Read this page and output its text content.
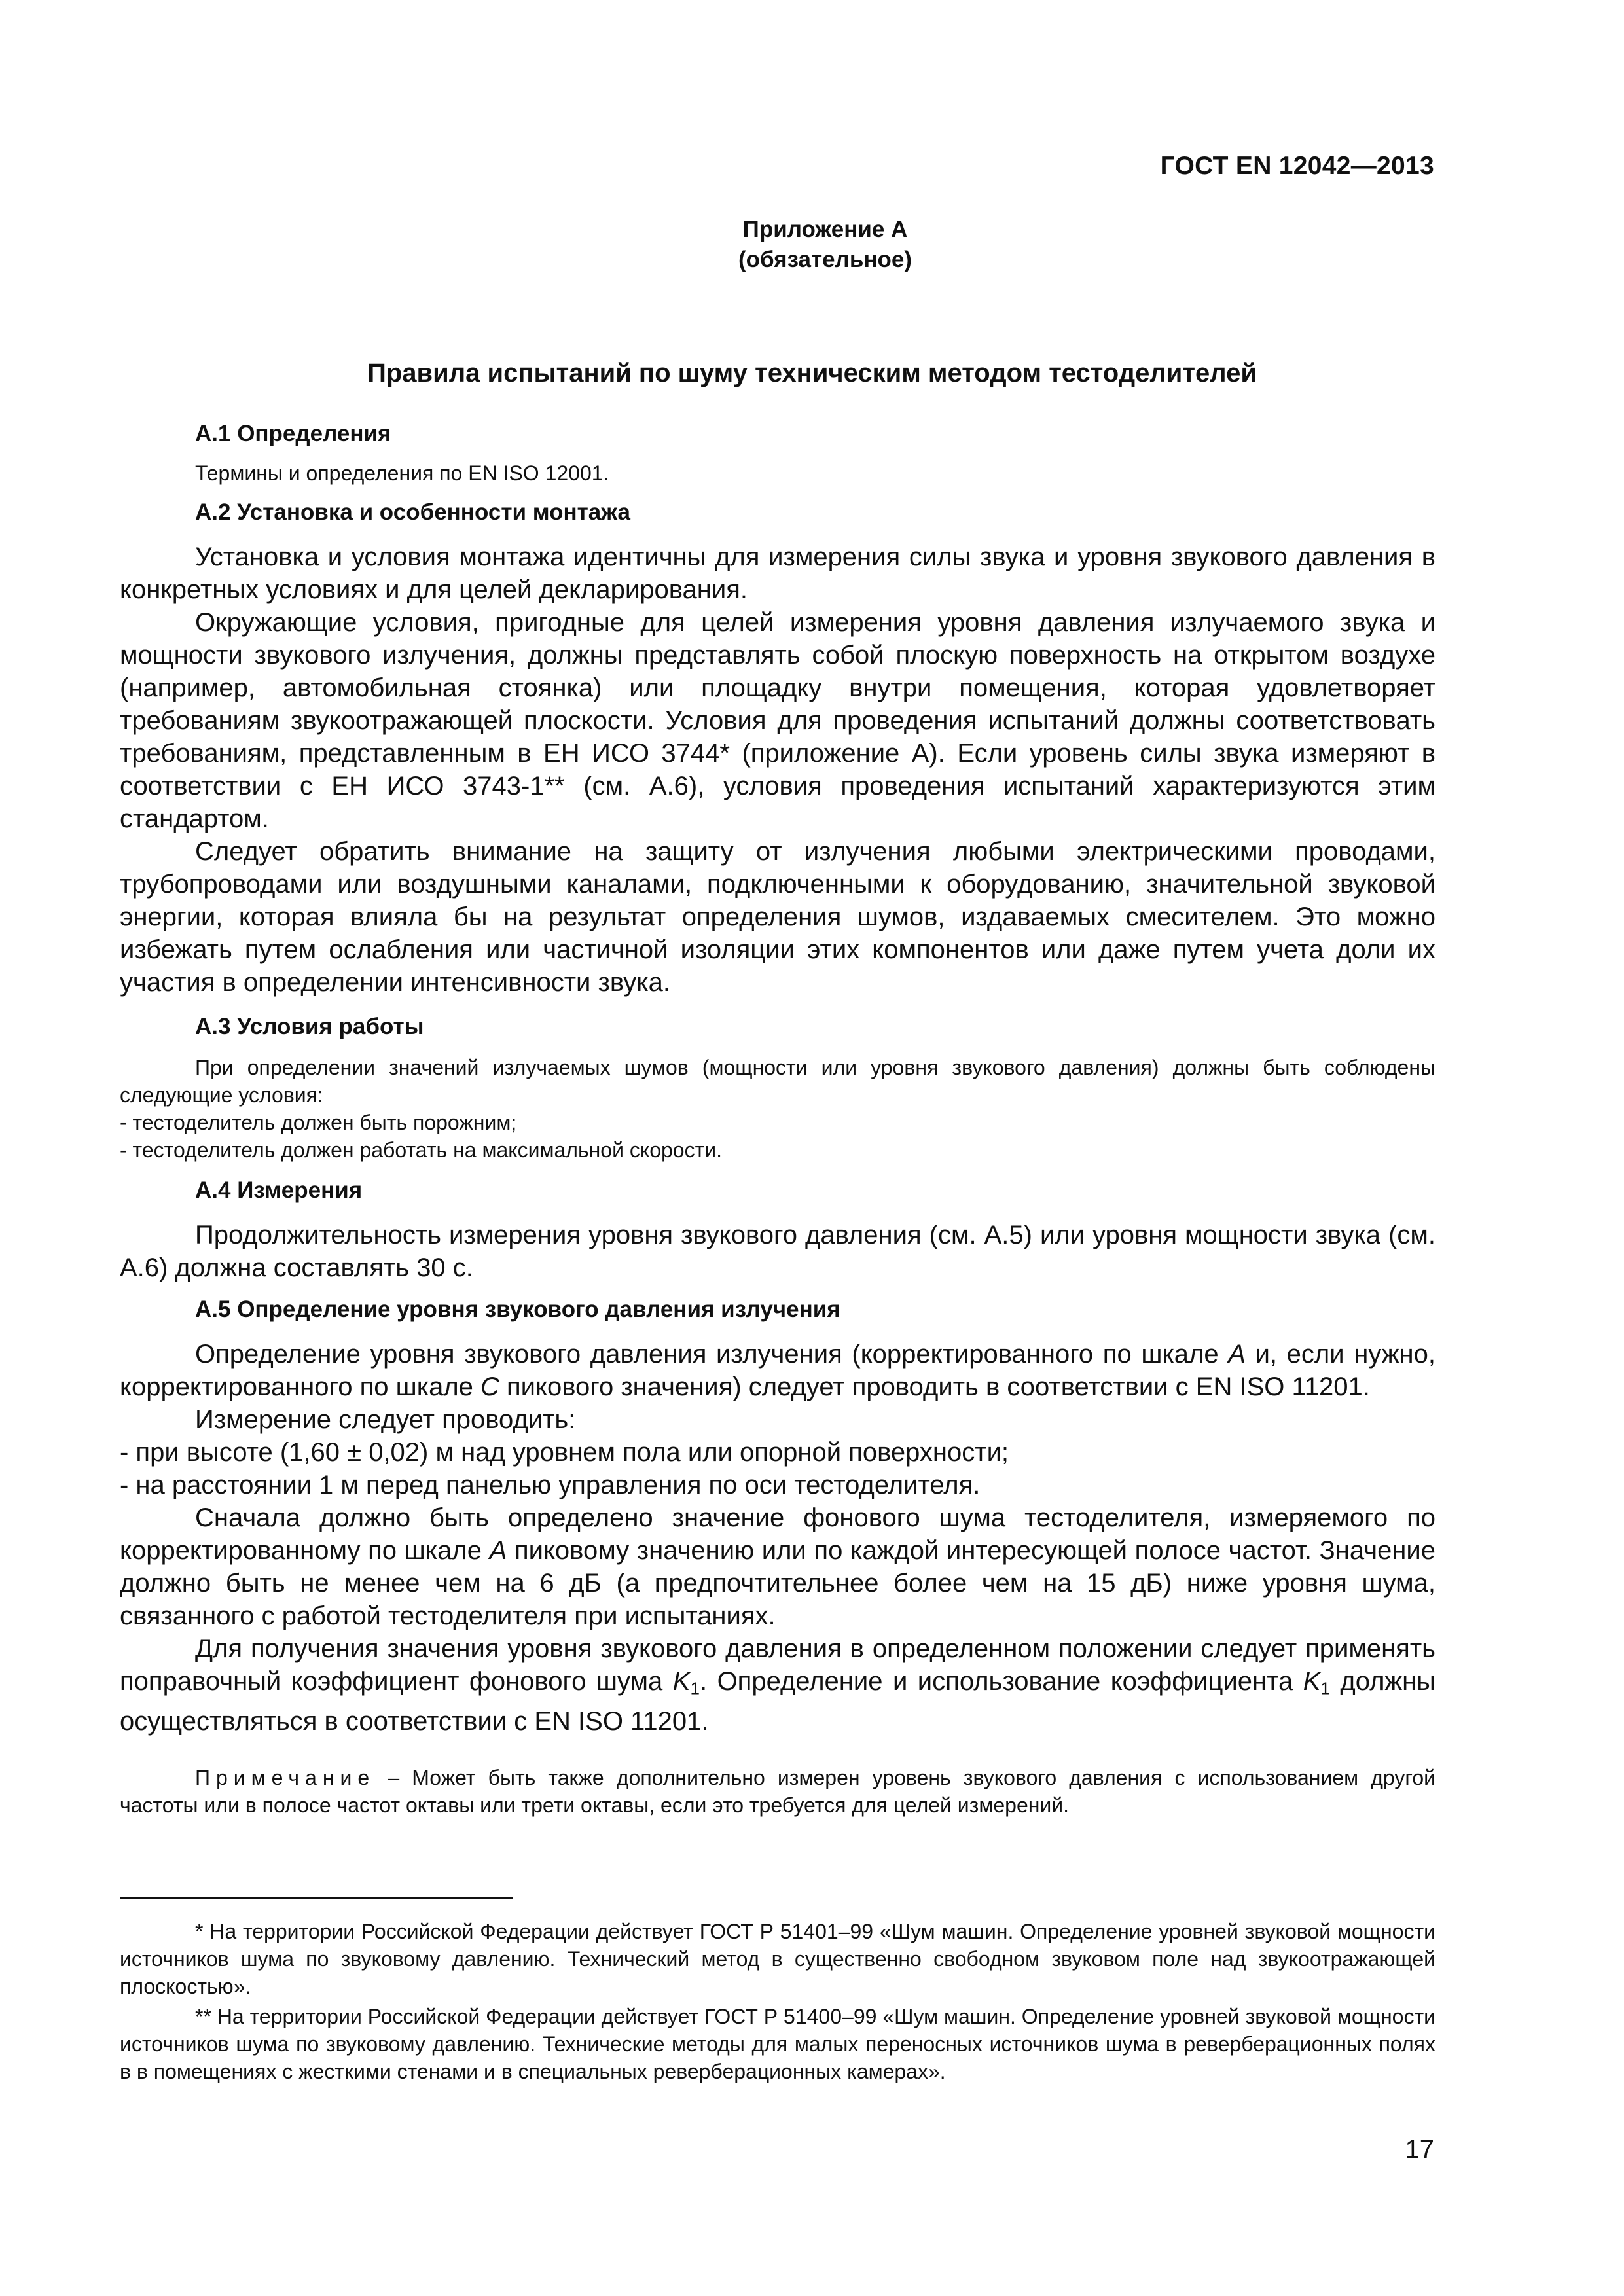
ГОСТ EN 12042—2013
Приложение А
(обязательное)
Правила испытаний по шуму техническим методом тестоделителей

А.1 Определения

Термины и определения по EN ISO 12001.

А.2 Установка и особенности монтажа

Установка и условия монтажа идентичны для измерения силы звука и уровня звукового давления в конкретных условиях и для целей декларирования.

Окружающие условия, пригодные для целей измерения уровня давления излучаемого звука и мощности звукового излучения, должны представлять собой плоскую поверхность на открытом воздухе (например, автомобильная стоянка) или площадку внутри помещения, которая удовлетворяет требованиям звукоотражающей плоскости. Условия для проведения испытаний должны соответствовать требованиям, представленным в ЕН ИСО 3744* (приложение А). Если уровень силы звука измеряют в соответствии с ЕН ИСО 3743-1** (см. А.6), условия проведения испытаний характеризуются этим стандартом.

Следует обратить внимание на защиту от излучения любыми электрическими проводами, трубопроводами или воздушными каналами, подключенными к оборудованию, значительной звуковой энергии, которая влияла бы на результат определения шумов, издаваемых смесителем. Это можно избежать путем ослабления или частичной изоляции этих компонентов или даже путем учета доли их участия в определении интенсивности звука.

А.3 Условия работы

При определении значений излучаемых шумов (мощности или уровня звукового давления) должны быть соблюдены следующие условия:

- тестоделитель должен быть порожним;

- тестоделитель должен работать на максимальной скорости.

А.4 Измерения

Продолжительность измерения уровня звукового давления (см. А.5) или уровня мощности звука (см. А.6) должна составлять 30 с.

А.5 Определение уровня звукового давления излучения

Определение уровня звукового давления излучения (корректированного по шкале A и, если нужно, корректированного по шкале C пикового значения) следует проводить в соответствии с EN ISO 11201.

Измерение следует проводить:

- при высоте (1,60 ± 0,02) м над уровнем пола или опорной поверхности;

- на расстоянии 1 м перед панелью управления по оси тестоделителя.

Сначала должно быть определено значение фонового шума тестоделителя, измеряемого по корректированному по шкале A пиковому значению или по каждой интересующей полосе частот. Значение должно быть не менее чем на 6 дБ (а предпочтительнее более чем на 15 дБ) ниже уровня шума, связанного с работой тестоделителя при испытаниях.

Для получения значения уровня звукового давления в определенном положении следует применять поправочный коэффициент фонового шума $K_1$. Определение и использование коэффициента $K_1$ должны осуществляться в соответствии с EN ISO 11201.

Примечание – Может быть также дополнительно измерен уровень звукового давления с использованием другой частоты или в полосе частот октавы или трети октавы, если это требуется для целей измерений.

* На территории Российской Федерации действует ГОСТ Р 51401–99 «Шум машин. Определение уровней звуковой мощности источников шума по звуковому давлению. Технический метод в существенно свободном звуковом поле над звукоотражающей плоскостью».

** На территории Российской Федерации действует ГОСТ Р 51400–99 «Шум машин. Определение уровней звуковой мощности источников шума по звуковому давлению. Технические методы для малых переносных источников шума в реверберационных полях в в помещениях с жесткими стенами и в специальных реверберационных камерах».

17
